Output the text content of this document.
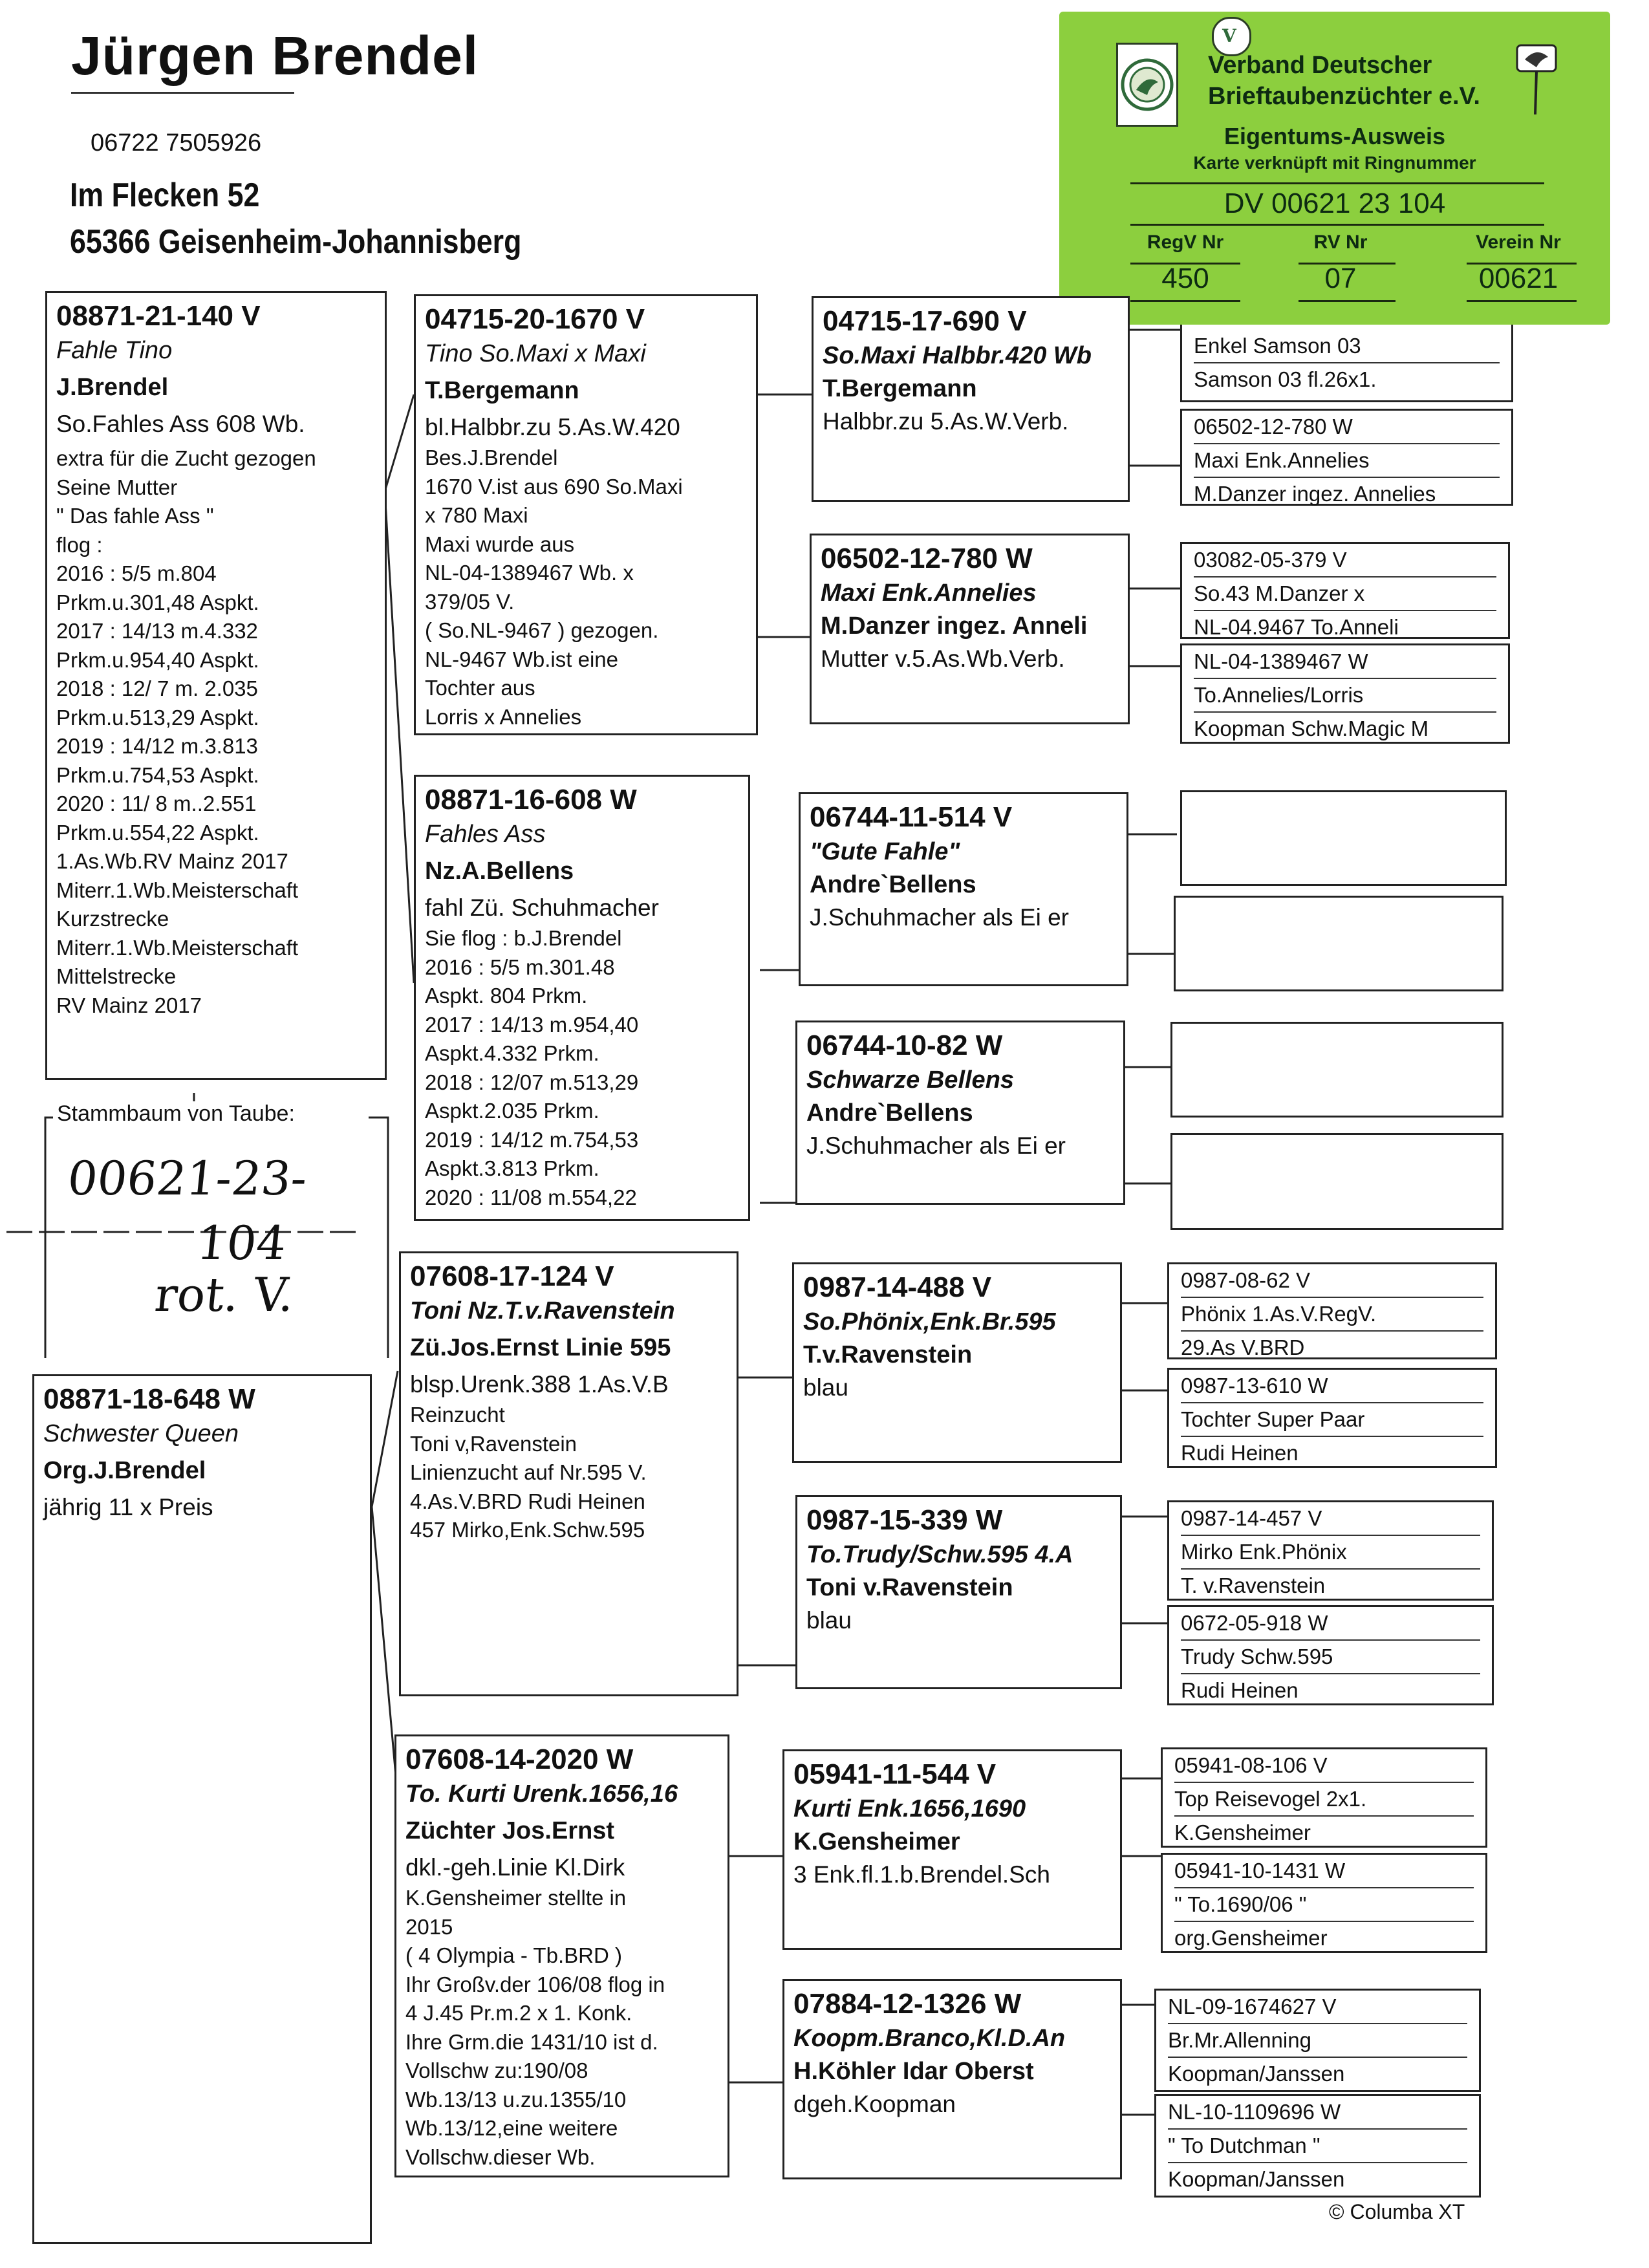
Jürgen Brendel
06722 7505926
Im Flecken 52
65366 Geisenheim-Johannisberg
V
Verband Deutscher
Brieftaubenzüchter e.V.
Eigentums-Ausweis
Karte verknüpft mit Ringnummer
DV 00621 23 104
RegV Nr	RV Nr	Verein Nr
450	07	00621
08871-21-140 V
Fahle Tino
J.Brendel
So.Fahles Ass 608 Wb.
extra für die Zucht gezogen
Seine Mutter
" Das fahle Ass "
flog :
2016 : 5/5 m.804
Prkm.u.301,48 Aspkt.
2017 : 14/13 m.4.332
Prkm.u.954,40 Aspkt.
2018 : 12/ 7 m. 2.035
Prkm.u.513,29 Aspkt.
2019 : 14/12 m.3.813
Prkm.u.754,53 Aspkt.
2020 : 11/ 8 m..2.551
Prkm.u.554,22 Aspkt.
1.As.Wb.RV Mainz 2017
Miterr.1.Wb.Meisterschaft
Kurzstrecke
Miterr.1.Wb.Meisterschaft
Mittelstrecke
RV Mainz 2017
Stammbaum von Taube:
00621-23-
104
rot. V.
08871-18-648 W
Schwester Queen
Org.J.Brendel
jährig 11 x Preis
04715-20-1670 V
Tino So.Maxi x Maxi
T.Bergemann
bl.Halbbr.zu 5.As.W.420
Bes.J.Brendel
1670 V.ist aus 690 So.Maxi
x 780 Maxi
Maxi wurde aus
NL-04-1389467 Wb. x
379/05 V.
( So.NL-9467 ) gezogen.
NL-9467 Wb.ist eine
Tochter aus
Lorris x Annelies
08871-16-608 W
Fahles Ass
Nz.A.Bellens
fahl Zü. Schuhmacher
Sie flog : b.J.Brendel
2016 : 5/5 m.301.48
Aspkt. 804 Prkm.
2017 : 14/13 m.954,40
Aspkt.4.332 Prkm.
2018 : 12/07 m.513,29
Aspkt.2.035 Prkm.
2019 : 14/12 m.754,53
Aspkt.3.813 Prkm.
2020 : 11/08 m.554,22
07608-17-124 V
Toni Nz.T.v.Ravenstein
Zü.Jos.Ernst Linie 595
blsp.Urenk.388 1.As.V.B
Reinzucht
Toni v,Ravenstein
Linienzucht auf Nr.595 V.
4.As.V.BRD Rudi Heinen
457 Mirko,Enk.Schw.595
07608-14-2020 W
To. Kurti Urenk.1656,16
Züchter Jos.Ernst
dkl.-geh.Linie Kl.Dirk
K.Gensheimer stellte in
2015
( 4 Olympia - Tb.BRD )
Ihr Großv.der 106/08 flog in
4 J.45 Pr.m.2 x 1. Konk.
Ihre Grm.die 1431/10 ist d.
Vollschw zu:190/08
Wb.13/13 u.zu.1355/10
Wb.13/12,eine weitere
Vollschw.dieser Wb.
04715-17-690 V
So.Maxi Halbbr.420 Wb
T.Bergemann
Halbbr.zu 5.As.W.Verb.
06502-12-780 W
Maxi Enk.Annelies
M.Danzer ingez. Anneli
Mutter v.5.As.Wb.Verb.
06744-11-514 V
"Gute Fahle"
Andre`Bellens
J.Schuhmacher als Ei er
06744-10-82 W
Schwarze Bellens
Andre`Bellens
J.Schuhmacher als Ei er
0987-14-488 V
So.Phönix,Enk.Br.595
T.v.Ravenstein
blau
0987-15-339 W
To.Trudy/Schw.595 4.A
Toni v.Ravenstein
blau
05941-11-544 V
Kurti Enk.1656,1690
K.Gensheimer
3 Enk.fl.1.b.Brendel.Sch
07884-12-1326 W
Koopm.Branco,Kl.D.An
H.Köhler Idar Oberst
dgeh.Koopman
Enkel Samson 03
Samson 03 fl.26x1.
06502-12-780 W
Maxi Enk.Annelies
M.Danzer ingez. Annelies
03082-05-379 V
So.43 M.Danzer x
NL-04.9467 To.Anneli
NL-04-1389467 W
To.Annelies/Lorris
Koopman Schw.Magic M
0987-08-62 V
Phönix 1.As.V.RegV.
29.As V.BRD
0987-13-610 W
Tochter Super Paar
Rudi Heinen
0987-14-457 V
Mirko Enk.Phönix
T. v.Ravenstein
0672-05-918 W
Trudy Schw.595
Rudi Heinen
05941-08-106 V
Top Reisevogel 2x1.
K.Gensheimer
05941-10-1431 W
" To.1690/06 "
org.Gensheimer
NL-09-1674627 V
Br.Mr.Allenning
Koopman/Janssen
NL-10-1109696 W
" To Dutchman "
Koopman/Janssen
© Columba XT
